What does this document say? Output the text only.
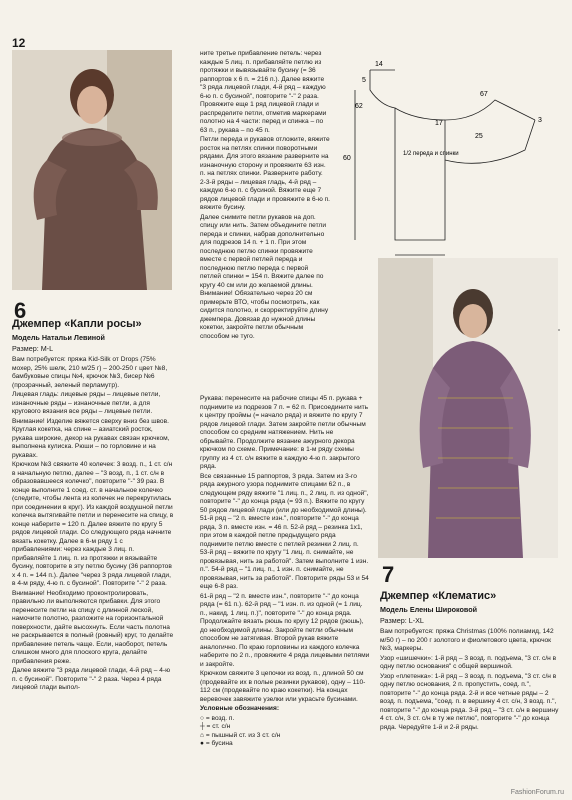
12
6
Джемпер «Капли росы»
Модель Натальи Левиной
Размер: M-L

Вам потребуется: пряжа Kid-Silk от Drops (75% мохер, 25% шелк, 210 м/25 г) – 200-250 г цвет №8, бамбуковые спицы №4, крючок №3, бисер №6 (прозрачный, зеленый перламутр).

Лицевая гладь: лицевые ряды – лицевые петли, изнаночные ряды – изнаночные петли, а для кругового вязания все ряды – лицевые петли.

Внимание! Изделие вяжется сверху вниз без швов. Круглая кокетка, на спине – азиатский росток, рукава широкие, декор на рукавах связан крючком, выполнена кулиска. Рюши – по горловине и на рукавах.

Крючком №3 свяжите 40 колечек: 3 возд. п., 1 ст. с/н в начальную петлю, далее – "3 возд. п., 1 ст. с/н в образовавшееся колечко", повторите "-" 39 раз. В конце выполните 1 соед. ст. в начальное колечко (следите, чтобы лента из колечек не перекрутилась при соединении в круг). Из каждой воздушной петли колечка вытягивайте петли и перенесите на спицу, в конце наберите = 120 п. Далее вяжите по кругу 5 рядов лицевой глади. Со следующего ряда начните вязать кокетку. Далее в 6-м ряду 1 с прибавлениями: через каждые 3 лиц. п. прибавляйте 1 лиц. п. из протяжки и вязывайте бусину, повторите в эту петлю бусину (36 раппортов х 4 п. = 144 п.). Далее "через 3 ряда лицевой глади, в 4-м ряду, 4-ю п. с бусиной". Повторите "-" 2 раза.

Внимание! Необходимо проконтролировать, правильно ли выполняются прибавки. Для этого перенесите петли на спицу с длинной леской, намочите полотно, разложите на горизонтальной поверхности, дайте высохнуть. Если часть полотна не раскрывается в полный (ровный) круг, то делайте прибавление петель чаще. Если, наоборот, петель слишком много для плоского круга, делайте прибавления реже.

Далее вяжите "3 ряда лицевой глади, 4-й ряд – 4-ю п. с бусиной". Повторите "-" 2 раза. Через 4 ряда лицевой глади выпол-

ните третье прибавление петель: через каждые 5 лиц. п. прибавляйте петлю из протяжки и вывязывайте бусину (= 36 раппортов х 6 п. = 216 п.). Далее вяжите "3 ряда лицевой глади, 4-й ряд – каждую 6-ю п. с бусиной", повторите "-" 2 раза. Провяжите еще 1 ряд лицевой глади и распределите петли, отметив маркерами полотно на 4 части: перед и спинка – по 63 п., рукава – по 45 п.

Петли переда и рукавов отложите, вяжите росток на петлях спинки поворотными рядами. Для этого вязание разверните на изнаночную сторону и провяжите 63 изн. п. на петлях спинки. Разверните работу. 2-3-й ряды – лицевая гладь, 4-й ряд – каждую 6-ю п. с бусиной. Вяжите еще 7 рядов лицевой глади и провяжите в 6-ю п. вяжите бусину.

Далее снимите петли рукавов на доп. спицу или нить. Затем объедините петли переда и спинки, набрав дополнительно для подрезов 14 п. + 1 п. При этом последнюю петлю спинки провяжите вместе с первой петлей переда и последнюю петлю переда с первой петлей спинки = 154 п. Вяжите далее по кругу 40 см или до желаемой длины. Внимание! Обязательно через 20 см примерьте ВТО, чтобы посмотреть, как сидится полотно, и скорректируйте длину джемпера. Довязав до нужной длины кокетки, закройте петли обычным способом не туго.

Рукава: перенесите на рабочие спицы 45 п. рукава + поднимите из подрезов 7 п. = 62 п. Присоедините нить к центру проймы (= начало ряда) и вяжите по кругу 7 рядов лицевой глади. Затем закройте петли обычным способом со средним натяжением. Нить не обрывайте. Продолжите вязание ажурного декора крючком по схеме. Примечание: в 1-м ряду схемы группу из 4 ст. с/н вяжите в каждую 4-ю п. закрытого ряда.

Все связанные 15 раппортов, 3 ряда. Затем из 3-го ряда ажурного узора поднимите спицами 62 п., в следующем ряду вяжите "1 лиц. п., 2 лиц. п. из одной", повторите "-" до конца ряда (= 93 п.). Вяжите по кругу 50 рядов лицевой глади (или до необходимой длины). 51-й ряд – "2 п. вместе изн.", повторите "-" до конца ряда, 3 п. вместе изн. = 46 п. 52-й ряд – резинка 1х1, при этом в каждой петле предыдущего ряда поднимите петлю вместе с петлей резинки 2 лиц. п. 53-й ряд – вяжите по кругу "1 лиц. п. снимайте, не провязывая, нить за работой". Затем выполните 1 изн. п.". 54-й ряд – "1 лиц. п., 1 изн. п. снимайте, не провязывая, нить за работой". Повторите ряды 53 и 54 еще 6-8 раз.

61-й ряд – "2 п. вместе изн.", повторите "-" до конца ряда (= 61 п.). 62-й ряд – "1 изн. п. из одной (= 1 лиц. п., накид, 1 лиц. п.)", повторите "-" до конца ряда. Продолжайте вязать рюшь по кругу 12 рядов (рюшь), до необходимой длины. Закройте петли обычным способом не затягивая. Второй рукав вяжите аналогично. По краю горловины из каждого колечка наберите по 2 п., провяжите 4 ряда лицевыми петлями и закройте.

Крючком свяжите 3 цепочки из возд. п., длиной 50 см (продевайте их в полые резинки рукавов), одну – 110-112 см (продевайте по краю кокетки). На концах веревочек завяжите узелки или украсьте бусинами.

Условные обозначения:

○ = возд. п.
┼ = ст. с/н
⌂ = пышный ст. из 3 ст. с/н
● = бусина
14
5
67
3
62
17
25
60
1/2 переда и спинки
7
Джемпер «Клематис»
Модель Елены Широковой
Размер: L-XL

Вам потребуется: пряжа Christmas (100% полиамид, 142 м/50 г) – по 200 г золотого и фиолетового цвета, крючок №3, маркеры.

Узор «шишечки»: 1-й ряд – 3 возд. п. подъема, "3 ст. с/н в одну петлю основания" с общей вершиной.

Узор «плетенка»: 1-й ряд – 3 возд. п. подъема, "3 ст. с/н в одну петлю основания, 2 п. пропустить, соед. п.", повторите "-" до конца ряда. 2-й и все четные ряды – 2 возд. п. подъема, "соед. п. в вершину 4 ст. с/н, 3 возд. п.", повторите "-" до конца ряда. 3-й ряд – "3 ст. с/н в вершину 4 ст. с/н, 3 ст. с/н в ту же петлю", повторите "-" до конца ряда. Чередуйте 1-й и 2-й ряды.

FashionForum.ru
